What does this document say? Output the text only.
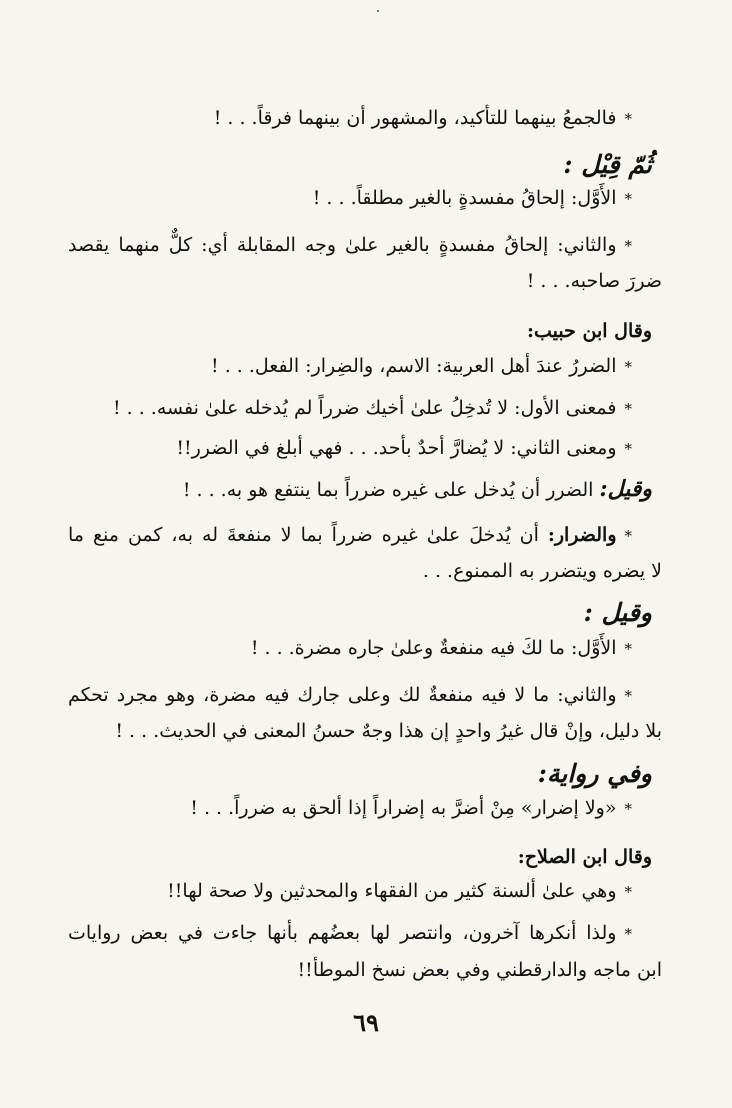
*فالجمعُ بينهما للتأكيد، والمشهور أن بينهما فرقاً. . . !
ثُمّ قِيْل :
*الأَوَّل: إلحاقُ مفسدةٍ بالغير مطلقاً. . . !
*والثاني: إلحاقُ مفسدةٍ بالغير علىٰ وجه المقابلة أي: كلٌّ منهما يقصد
ضررَ صاحبه. . . !
وقال ابن حبيب:
*الضررُ عندَ أهل العربية: الاسم، والضِرار: الفعل. . . !
*فمعنى الأول: لا تُدخِلُ علىٰ أخيك ضرراً لم يُدخله علىٰ نفسه. . . !
*ومعنى الثاني: لا يُضارَّ أحدٌ بأحد. . . فهي أبلغ في الضرر!!
وقيل: الضرر أن يُدخل على غيره ضرراً بما ينتفع هو به. . . !
*والضرار: أن يُدخلَ علىٰ غيره ضرراً بما لا منفعةَ له به، كمن منع ما
لا يضره ويتضرر به الممنوع. . .
وقيل :
*الأَوَّل: ما لكَ فيه منفعةٌ وعلىٰ جاره مضرة. . . !
*والثاني: ما لا فيه منفعةٌ لك وعلى جارك فيه مضرة، وهو مجرد تحكم
بلا دليل، وإنْ قال غيرُ واحدٍ إن هذا وجهٌ حسنُ المعنى في الحديث. . . !
وفي رواية:
*«ولا إضرار» مِنْ أضرَّ به إضراراً إذا ألحق به ضرراً. . . !
وقال ابن الصلاح:
*وهي علىٰ ألسنة كثير من الفقهاء والمحدثين ولا صحة لها!!
*ولذا أنكرها آخرون، وانتصر لها بعضُهم بأنها جاءت في بعض روايات
ابن ماجه والدارقطني وفي بعض نسخ الموطأ!!
٦٩
